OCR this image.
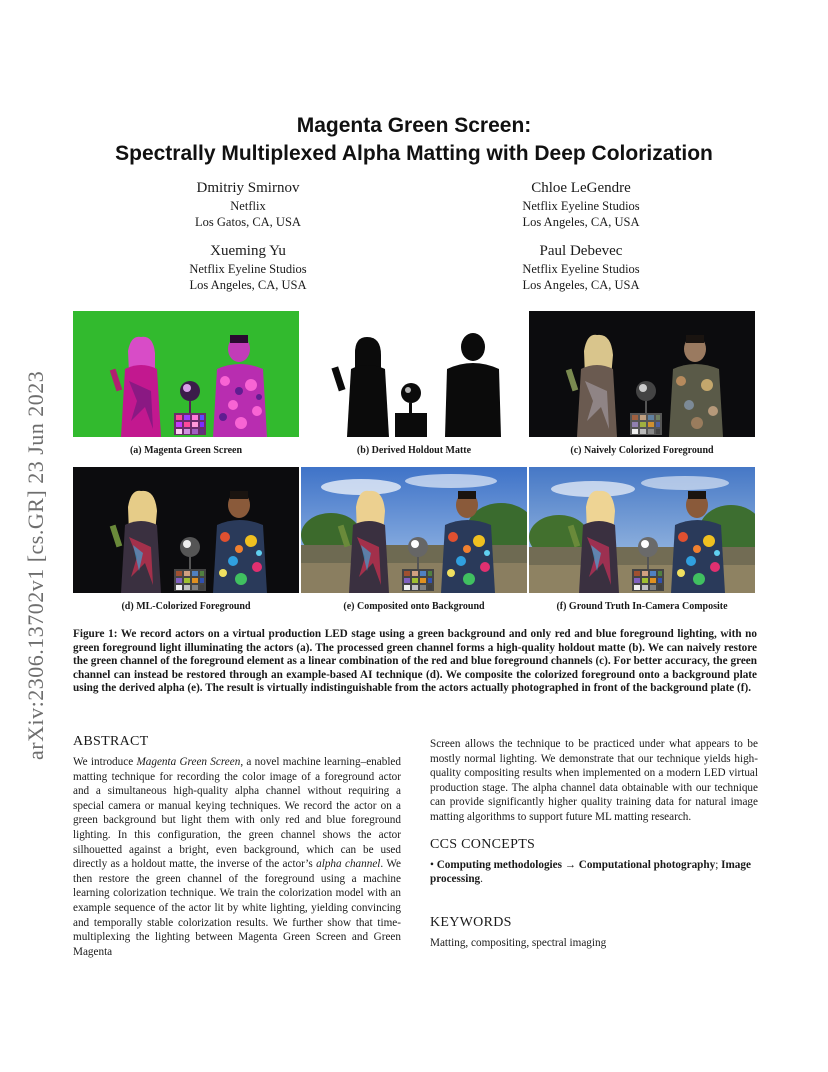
arXiv:2306.13702v1 [cs.GR] 23 Jun 2023
Magenta Green Screen:
Spectrally Multiplexed Alpha Matting with Deep Colorization
Dmitriy Smirnov
Netflix
Los Gatos, CA, USA
Chloe LeGendre
Netflix Eyeline Studios
Los Angeles, CA, USA
Xueming Yu
Netflix Eyeline Studios
Los Angeles, CA, USA
Paul Debevec
Netflix Eyeline Studios
Los Angeles, CA, USA
(a) Magenta Green Screen	(b) Derived Holdout Matte	(c) Naively Colorized Foreground
(d) ML-Colorized Foreground	(e) Composited onto Background	(f) Ground Truth In-Camera Composite
Figure 1: We record actors on a virtual production LED stage using a green background and only red and blue foreground lighting, with no green foreground light illuminating the actors (a). The processed green channel forms a high-quality holdout matte (b). We can naively restore the green channel of the foreground element as a linear combination of the red and blue foreground channels (c). For better accuracy, the green channel can instead be restored through an example-based AI technique (d). We composite the colorized foreground onto a background plate using the derived alpha (e). The result is virtually indistinguishable from the actors actually photographed in front of the background plate (f).
ABSTRACT

We introduce Magenta Green Screen, a novel machine learning–enabled matting technique for recording the color image of a foreground actor and a simultaneous high-quality alpha channel without requiring a special camera or manual keying techniques. We record the actor on a green background but light them with only red and blue foreground lighting. In this configuration, the green channel shows the actor silhouetted against a bright, even background, which can be used directly as a holdout matte, the inverse of the actor’s alpha channel. We then restore the green channel of the foreground using a machine learning colorization technique. We train the colorization model with an example sequence of the actor lit by white lighting, yielding convincing and temporally stable colorization results. We further show that time-multiplexing the lighting between Magenta Green Screen and Green Magenta

Screen allows the technique to be practiced under what appears to be mostly normal lighting. We demonstrate that our technique yields high-quality compositing results when implemented on a modern LED virtual production stage. The alpha channel data obtainable with our technique can provide significantly higher quality training data for natural image matting algorithms to support future ML matting research.

CCS CONCEPTS

• Computing methodologies → Computational photography; Image processing.

KEYWORDS

Matting, compositing, spectral imaging
